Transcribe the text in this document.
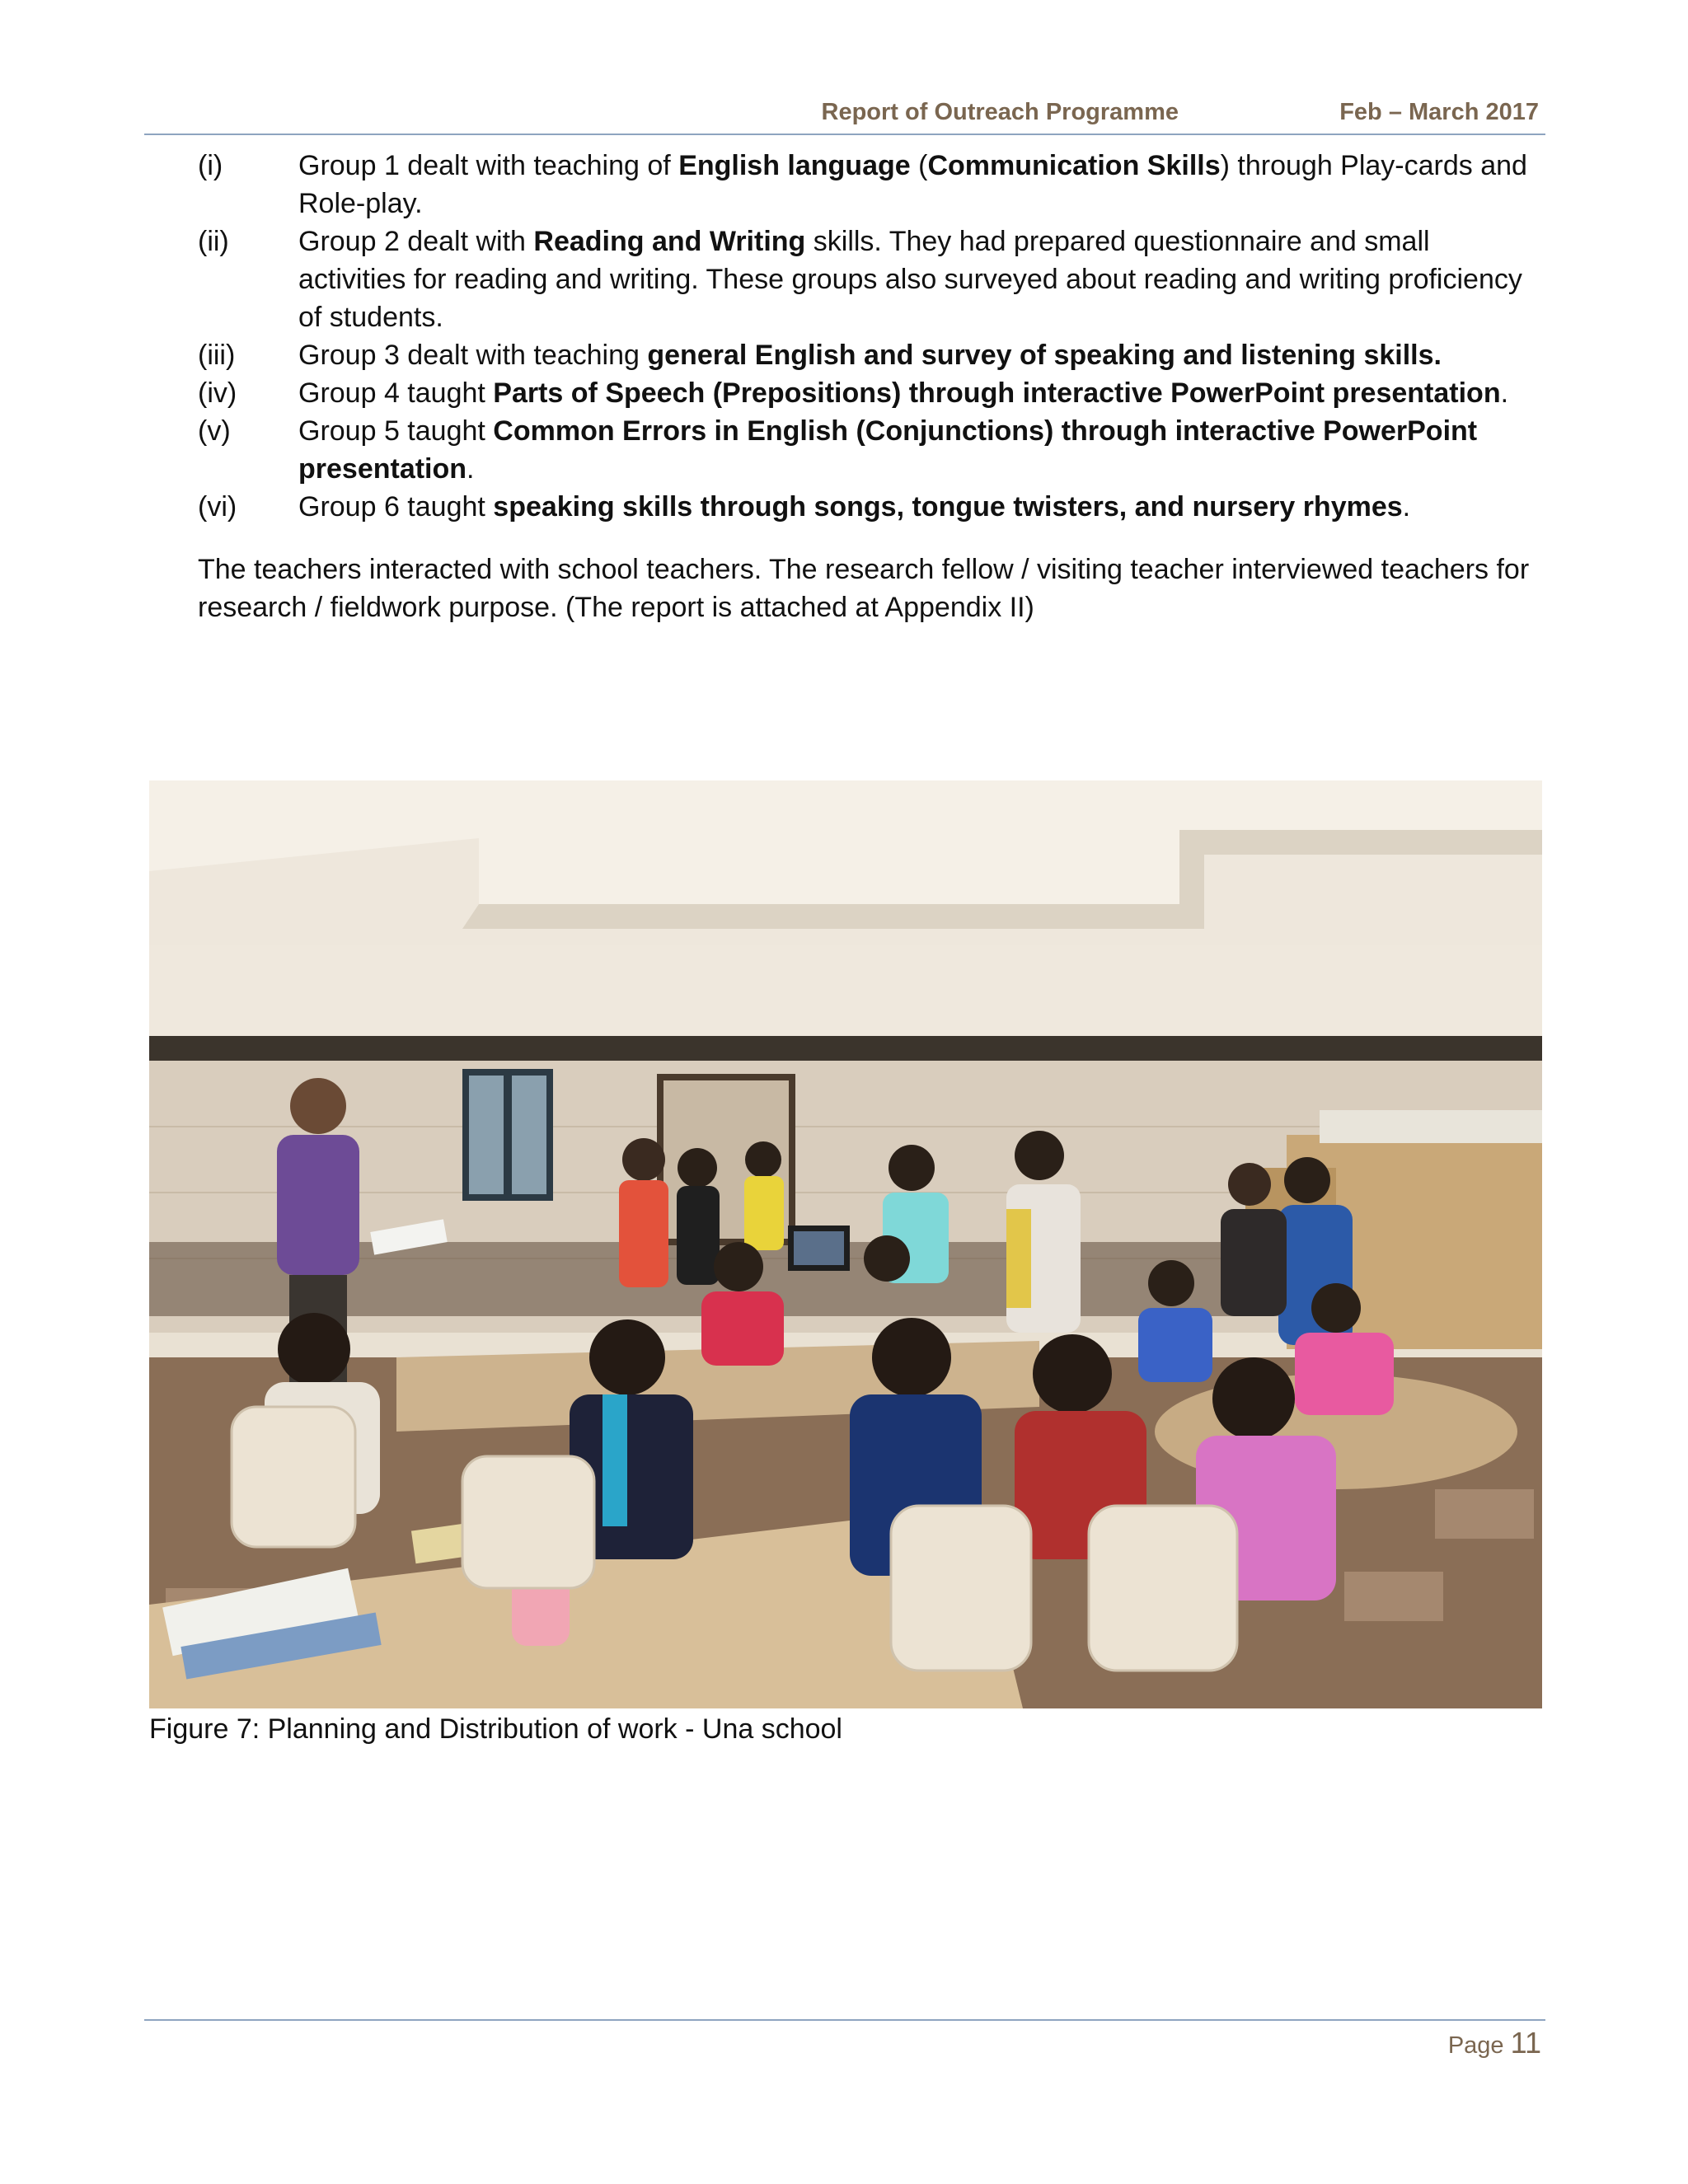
Report of Outreach Programme	Feb – March 2017
(i)	Group 1 dealt with teaching of English language (Communication Skills) through Play-cards and Role-play.
(ii) Group 2 dealt with Reading and Writing skills. They had prepared questionnaire and small activities for reading and writing. These groups also surveyed about reading and writing proficiency of students.
(iii) Group 3 dealt with teaching general English and survey of speaking and listening skills.
(iv) Group 4 taught Parts of Speech (Prepositions) through interactive PowerPoint presentation.
(v) Group 5 taught Common Errors in English (Conjunctions) through interactive PowerPoint presentation.
(vi) Group 6 taught speaking skills through songs, tongue twisters, and nursery rhymes.

The teachers interacted with school teachers. The research fellow / visiting teacher interviewed teachers for research / fieldwork purpose. (The report is attached at Appendix II)

Figure 7: Planning and Distribution of work - Una school
Page 11
